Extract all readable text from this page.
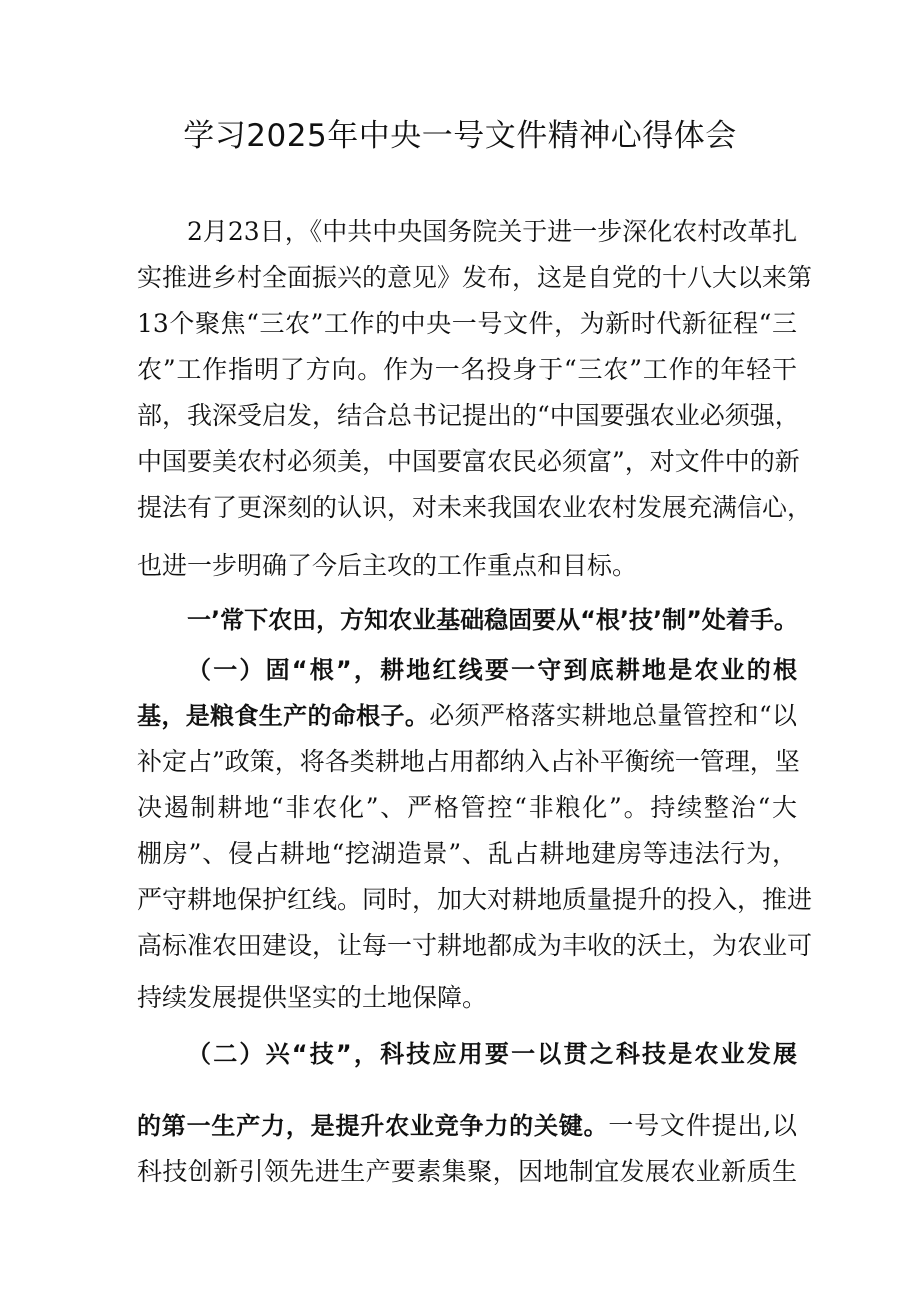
学习2025年中央一号文件精神心得体会
2月23日，《中共中央国务院关于进一步深化农村改革扎
实推进乡村全面振兴的意见》发布，这是自党的十八大以来第
13个聚焦“三农”工作的中央一号文件，为新时代新征程“三
农”工作指明了方向。作为一名投身于“三农”工作的年轻干
部，我深受启发，结合总书记提出的“中国要强农业必须强，
中国要美农村必须美，中国要富农民必须富”，对文件中的新
提法有了更深刻的认识，对未来我国农业农村发展充满信心，
也进一步明确了今后主攻的工作重点和目标。
一’常下农田，方知农业基础稳固要从“根’技’制”处着手。
（一）固“根”，耕地红线要一守到底耕地是农业的根
基，是粮食生产的命根子。必须严格落实耕地总量管控和“以
补定占”政策，将各类耕地占用都纳入占补平衡统一管理，坚
决遏制耕地“非农化”、严格管控“非粮化”。持续整治“大
棚房”、侵占耕地“挖湖造景”、乱占耕地建房等违法行为，
严守耕地保护红线。同时，加大对耕地质量提升的投入，推进
高标准农田建设，让每一寸耕地都成为丰收的沃土，为农业可
持续发展提供坚实的土地保障。
（二）兴“技”，科技应用要一以贯之科技是农业发展
的第一生产力，是提升农业竞争力的关键。一号文件提出,以
科技创新引领先进生产要素集聚，因地制宜发展农业新质生
